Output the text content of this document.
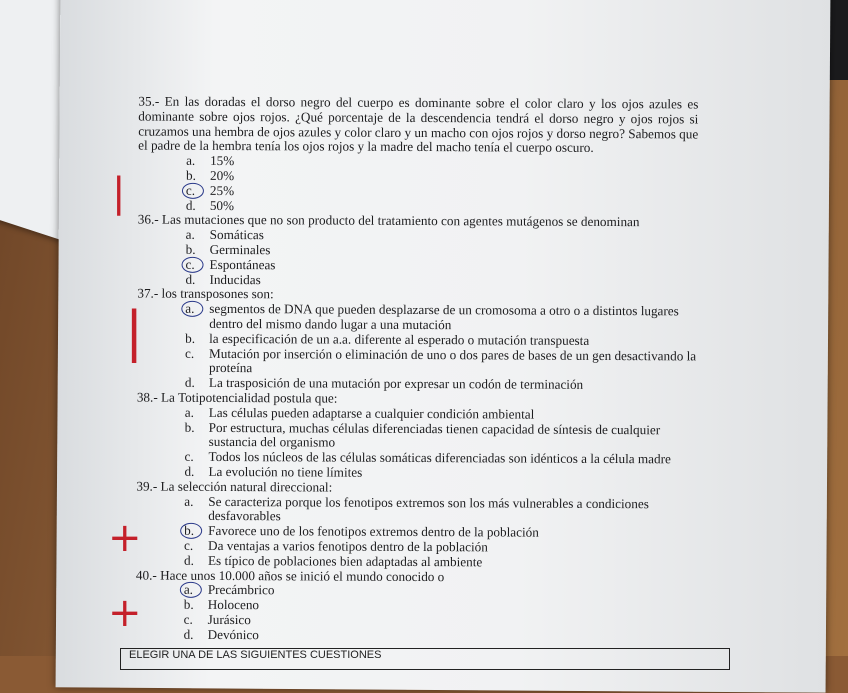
35.- En las doradas el dorso negro del cuerpo es dominante sobre el color claro y los ojos azules es dominante sobre ojos rojos. ¿Qué porcentaje de la descendencia tendrá el dorso negro y ojos rojos si cruzamos una hembra de ojos azules y color claro y un macho con ojos rojos y dorso negro? Sabemos que el padre de la hembra tenía los ojos rojos y la madre del macho tenía el cuerpo oscuro.
a.	15%
b.	20%
c.	25%
d.	50%
36.- Las mutaciones que no son producto del tratamiento con agentes mutágenos se denominan
a.	Somáticas
b.	Germinales
c.	Espontáneas
d.	Inducidas
37.- los transposones son:
a.	segmentos de DNA que pueden desplazarse de un cromosoma a otro o a distintos lugares dentro del mismo dando lugar a una mutación
b.	la especificación de un a.a. diferente al esperado o mutación transpuesta
c.	Mutación por inserción o eliminación de uno o dos pares de bases de un gen desactivando la proteína
d.	La trasposición de una mutación por expresar un codón de terminación
38.- La Totipotencialidad postula que:
a.	Las células pueden adaptarse a cualquier condición ambiental
b.	Por estructura, muchas células diferenciadas tienen capacidad de síntesis de cualquier sustancia del organismo
c.	Todos los núcleos de las células somáticas diferenciadas son idénticos a la célula madre
d.	La evolución no tiene límites
39.- La selección natural direccional:
a.	Se caracteriza porque los fenotipos extremos son los más vulnerables a condiciones desfavorables
b.	Favorece uno de los fenotipos extremos dentro de la población
c.	Da ventajas a varios fenotipos dentro de la población
d.	Es típico de poblaciones bien adaptadas al ambiente
40.- Hace unos 10.000 años se inició el mundo conocido o
a.	Precámbrico
b.	Holoceno
c.	Jurásico
d.	Devónico
|
|
+
+
ELEGIR UNA DE LAS SIGUIENTES CUESTIONES
